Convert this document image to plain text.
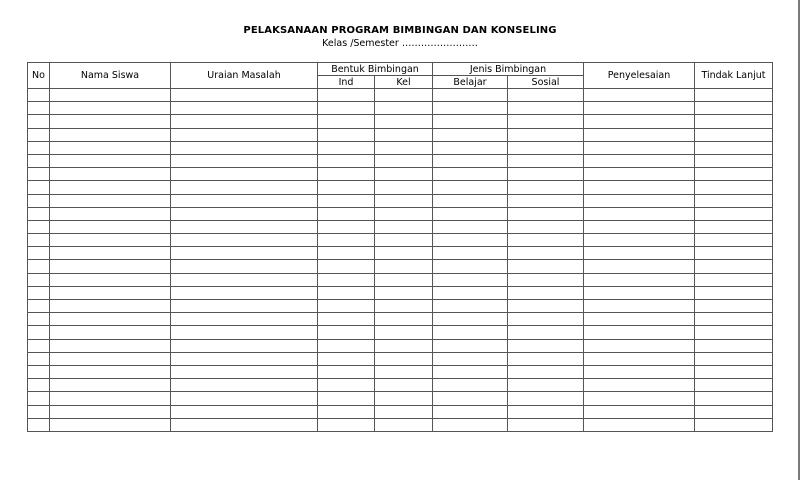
PELAKSANAAN PROGRAM BIMBINGAN DAN KONSELING
Kelas /Semester ……………………
No	Nama Siswa	Uraian Masalah	Bentuk Bimbingan		Jenis Bimbingan		Penyelesaian	Tindak Lanjut
			Ind	Kel	Belajar	Sosial		
